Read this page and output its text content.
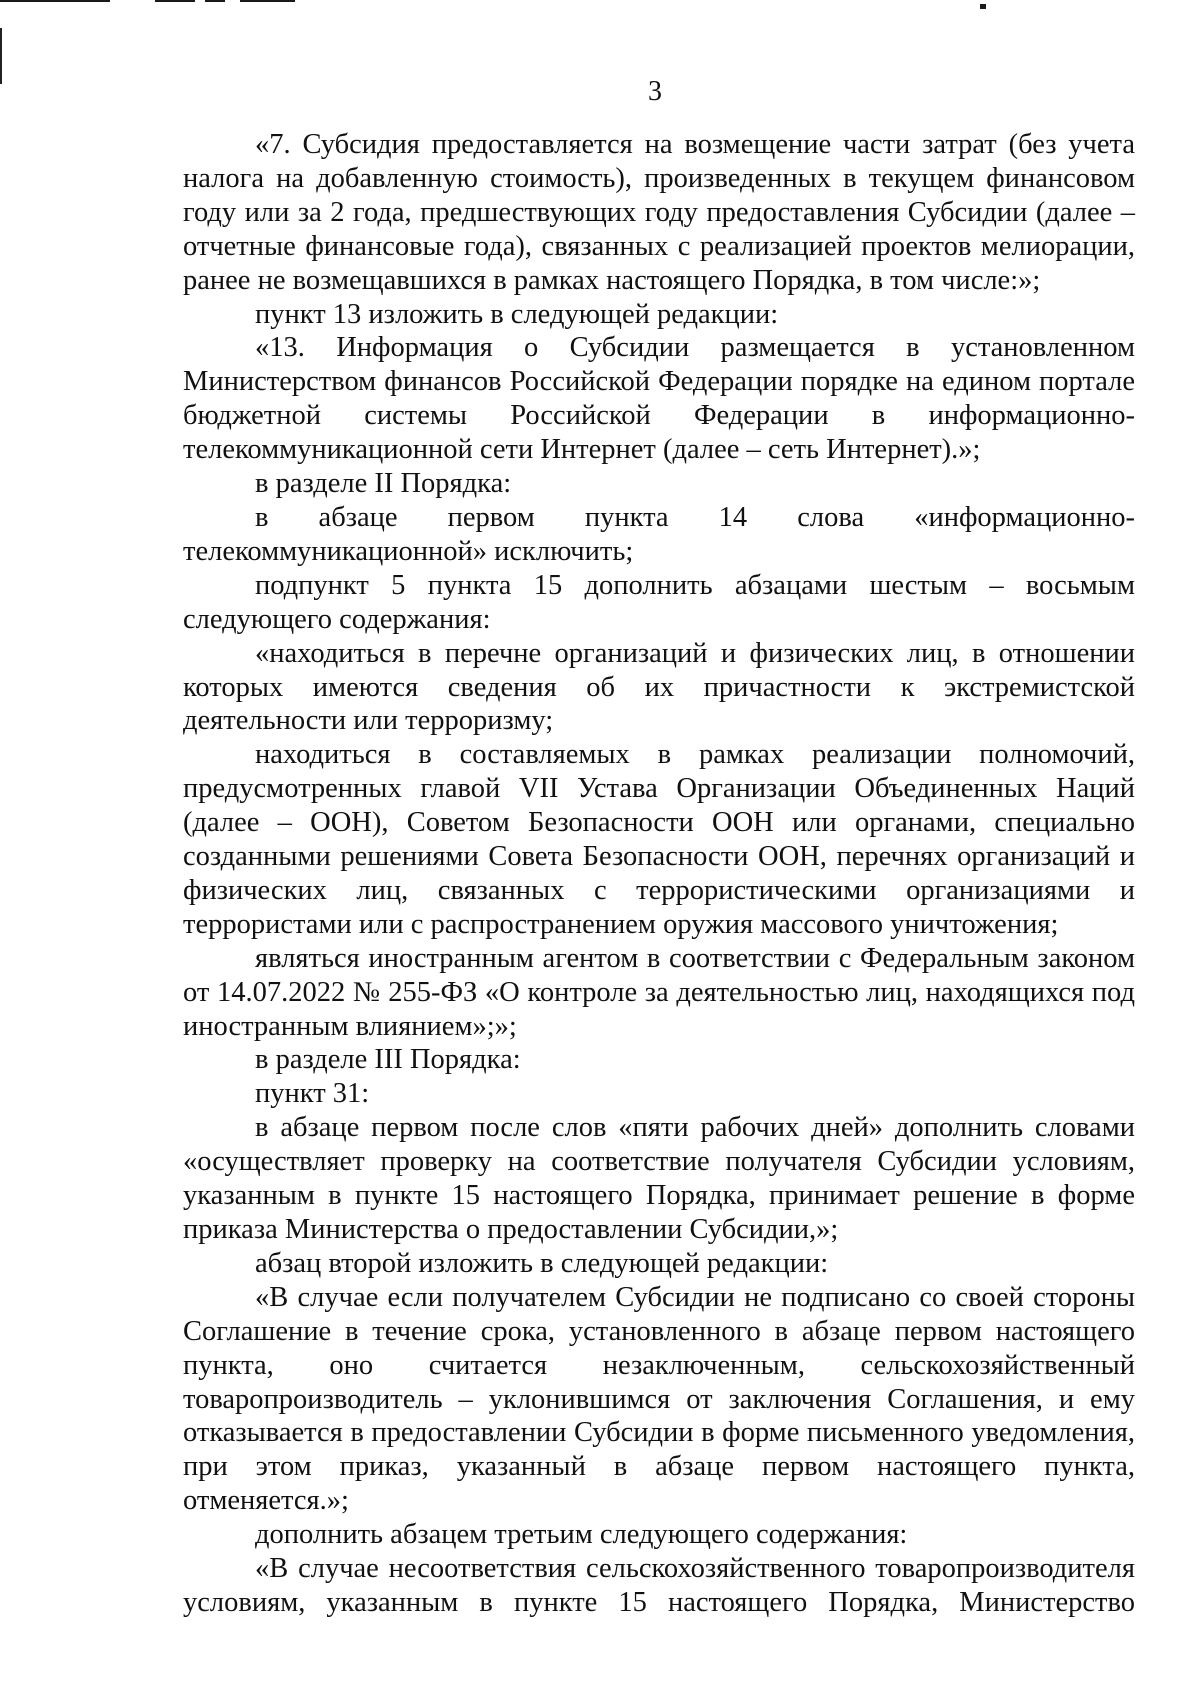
3

«7. Субсидия предоставляется на возмещение части затрат (без учета налога на добавленную стоимость), произведенных в текущем финансовом году или за 2 года, предшествующих году предоставления Субсидии (далее – отчетные финансовые года), связанных с реализацией проектов мелиорации, ранее не возмещавшихся в рамках настоящего Порядка, в том числе:»;

пункт 13 изложить в следующей редакции:

«13. Информация о Субсидии размещается в установленном Министерством финансов Российской Федерации порядке на едином портале бюджетной системы Российской Федерации в информационно-телекоммуникационной сети Интернет (далее – сеть Интернет).»;

в разделе II Порядка:

в абзаце первом пункта 14 слова «информационно-телекоммуникационной» исключить;

подпункт 5 пункта 15 дополнить абзацами шестым – восьмым следующего содержания:

«находиться в перечне организаций и физических лиц, в отношении которых имеются сведения об их причастности к экстремистской деятельности или терроризму;

находиться в составляемых в рамках реализации полномочий, предусмотренных главой VII Устава Организации Объединенных Наций (далее – ООН), Советом Безопасности ООН или органами, специально созданными решениями Совета Безопасности ООН, перечнях организаций и физических лиц, связанных с террористическими организациями и террористами или с распространением оружия массового уничтожения;

являться иностранным агентом в соответствии с Федеральным законом от 14.07.2022 № 255-ФЗ «О контроле за деятельностью лиц, находящихся под иностранным влиянием»;»;

в разделе III Порядка:

пункт 31:

в абзаце первом после слов «пяти рабочих дней» дополнить словами «осуществляет проверку на соответствие получателя Субсидии условиям, указанным в пункте 15 настоящего Порядка, принимает решение в форме приказа Министерства о предоставлении Субсидии,»;

абзац второй изложить в следующей редакции:

«В случае если получателем Субсидии не подписано со своей стороны Соглашение в течение срока, установленного в абзаце первом настоящего пункта, оно считается незаключенным, сельскохозяйственный товаропроизводитель – уклонившимся от заключения Соглашения, и ему отказывается в предоставлении Субсидии в форме письменного уведомления, при этом приказ, указанный в абзаце первом настоящего пункта, отменяется.»;

дополнить абзацем третьим следующего содержания:

«В случае несоответствия сельскохозяйственного товаропроизводителя условиям, указанным в пункте 15 настоящего Порядка, Министерство
